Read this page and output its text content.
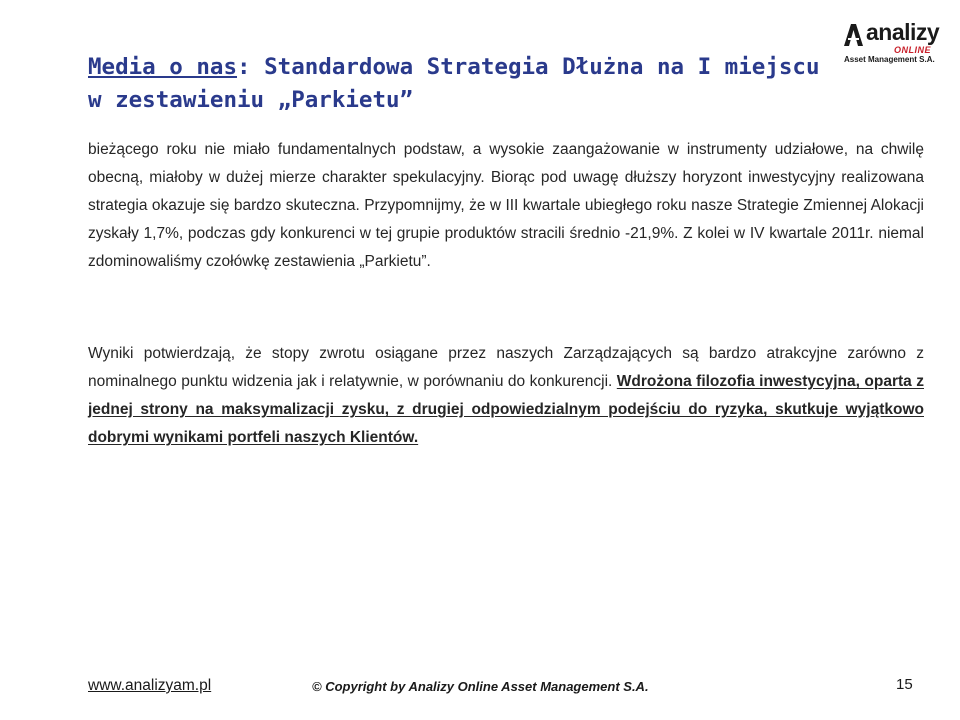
analizy
ONLINE
Asset Management S.A.
Media o nas: Standardowa Strategia Dłużna na I miejscu w zestawieniu „Parkietu”

bieżącego roku nie miało fundamentalnych podstaw, a wysokie zaangażowanie w instrumenty udziałowe, na chwilę obecną, miałoby w dużej mierze charakter spekulacyjny. Biorąc pod uwagę dłuższy horyzont inwestycyjny realizowana strategia okazuje się bardzo skuteczna. Przypomnijmy, że w III kwartale ubiegłego roku nasze Strategie Zmiennej Alokacji zyskały 1,7%, podczas gdy konkurenci w tej grupie produktów stracili średnio -21,9%. Z kolei w IV kwartale 2011r. niemal zdominowaliśmy czołówkę zestawienia „Parkietu”.

Wyniki potwierdzają, że stopy zwrotu osiągane przez naszych Zarządzających są bardzo atrakcyjne zarówno z nominalnego punktu widzenia jak i relatywnie, w porównaniu do konkurencji. Wdrożona filozofia inwestycyjna, oparta z jednej strony na maksymalizacji zysku, z drugiej odpowiedzialnym podejściu do ryzyka, skutkuje wyjątkowo dobrymi wynikami portfeli naszych Klientów.

www.analizyam.pl	© Copyright by Analizy Online Asset Management S.A.	15
